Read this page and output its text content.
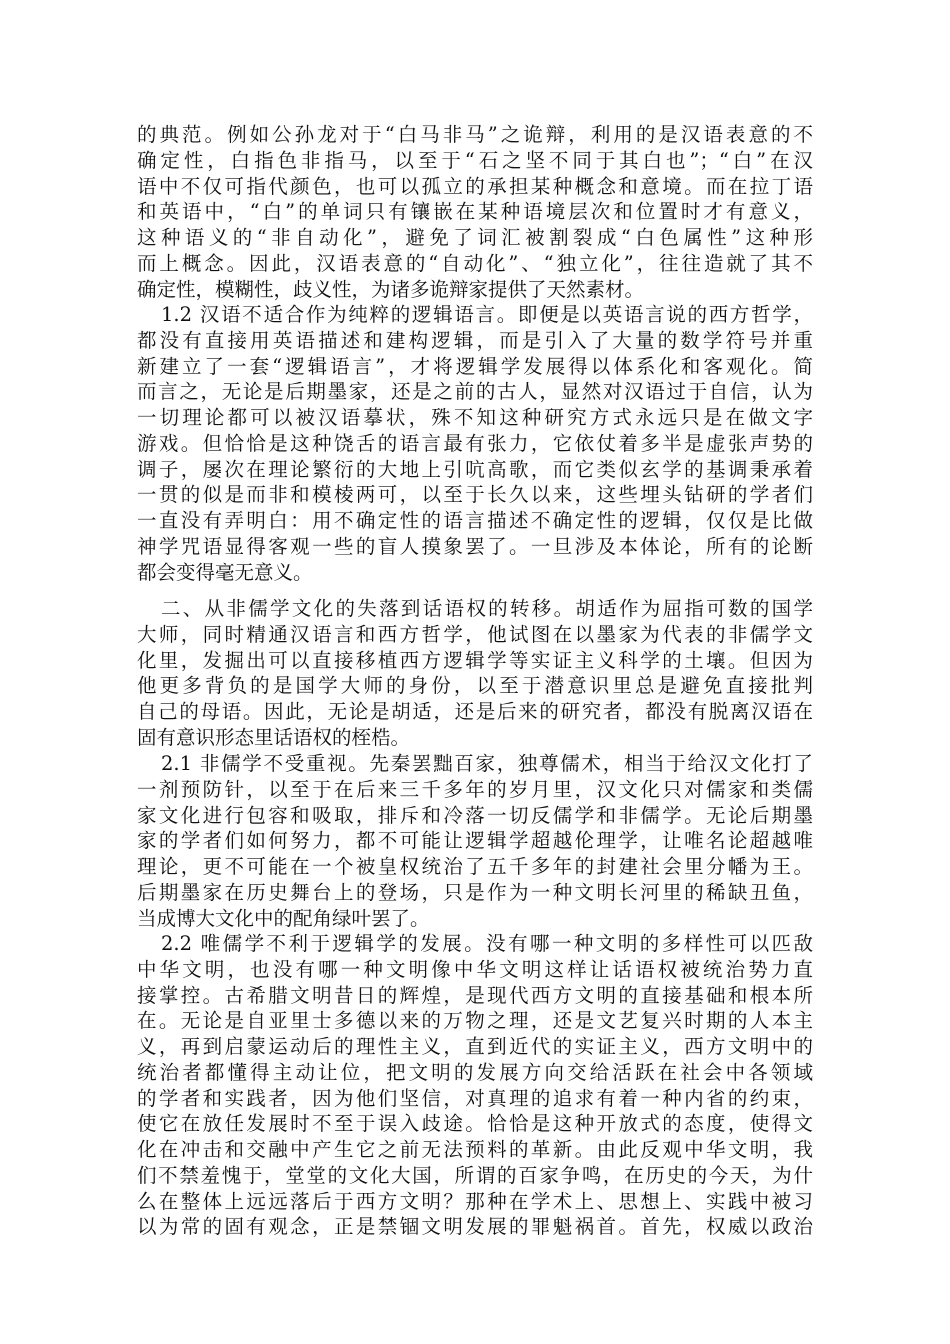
的典范。例如公孙龙对于“白马非马”之诡辩，利用的是汉语表意的不
确定性，白指色非指马，以至于“石之坚不同于其白也”；“白”在汉
语中不仅可指代颜色，也可以孤立的承担某种概念和意境。而在拉丁语
和英语中，“白”的单词只有镶嵌在某种语境层次和位置时才有意义，
这种语义的“非自动化”，避免了词汇被割裂成“白色属性”这种形
而上概念。因此，汉语表意的“自动化”、“独立化”，往往造就了其不
确定性，模糊性，歧义性，为诸多诡辩家提供了天然素材。
1.2 汉语不适合作为纯粹的逻辑语言。即便是以英语言说的西方哲学，
都没有直接用英语描述和建构逻辑，而是引入了大量的数学符号并重
新建立了一套“逻辑语言”，才将逻辑学发展得以体系化和客观化。简
而言之，无论是后期墨家，还是之前的古人，显然对汉语过于自信，认为
一切理论都可以被汉语摹状，殊不知这种研究方式永远只是在做文字
游戏。但恰恰是这种饶舌的语言最有张力，它依仗着多半是虚张声势的
调子，屡次在理论繁衍的大地上引吭高歌，而它类似玄学的基调秉承着
一贯的似是而非和模棱两可，以至于长久以来，这些埋头钻研的学者们
一直没有弄明白：用不确定性的语言描述不确定性的逻辑，仅仅是比做
神学咒语显得客观一些的盲人摸象罢了。一旦涉及本体论，所有的论断
都会变得毫无意义。
二、从非儒学文化的失落到话语权的转移。胡适作为屈指可数的国学
大师，同时精通汉语言和西方哲学，他试图在以墨家为代表的非儒学文
化里，发掘出可以直接移植西方逻辑学等实证主义科学的土壤。但因为
他更多背负的是国学大师的身份，以至于潜意识里总是避免直接批判
自己的母语。因此，无论是胡适，还是后来的研究者，都没有脱离汉语在
固有意识形态里话语权的桎梏。
2.1 非儒学不受重视。先秦罢黜百家，独尊儒术，相当于给汉文化打了
一剂预防针，以至于在后来三千多年的岁月里，汉文化只对儒家和类儒
家文化进行包容和吸取，排斥和冷落一切反儒学和非儒学。无论后期墨
家的学者们如何努力，都不可能让逻辑学超越伦理学，让唯名论超越唯
理论，更不可能在一个被皇权统治了五千多年的封建社会里分幡为王。
后期墨家在历史舞台上的登场，只是作为一种文明长河里的稀缺丑鱼，
当成博大文化中的配角绿叶罢了。
2.2 唯儒学不利于逻辑学的发展。没有哪一种文明的多样性可以匹敌
中华文明，也没有哪一种文明像中华文明这样让话语权被统治势力直
接掌控。古希腊文明昔日的辉煌，是现代西方文明的直接基础和根本所
在。无论是自亚里士多德以来的万物之理，还是文艺复兴时期的人本主
义，再到启蒙运动后的理性主义，直到近代的实证主义，西方文明中的
统治者都懂得主动让位，把文明的发展方向交给活跃在社会中各领域
的学者和实践者，因为他们坚信，对真理的追求有着一种内省的约束，
使它在放任发展时不至于误入歧途。恰恰是这种开放式的态度，使得文
化在冲击和交融中产生它之前无法预料的革新。由此反观中华文明，我
们不禁羞愧于，堂堂的文化大国，所谓的百家争鸣，在历史的今天，为什
么在整体上远远落后于西方文明？那种在学术上、思想上、实践中被习
以为常的固有观念，正是禁锢文明发展的罪魁祸首。首先，权威以政治
